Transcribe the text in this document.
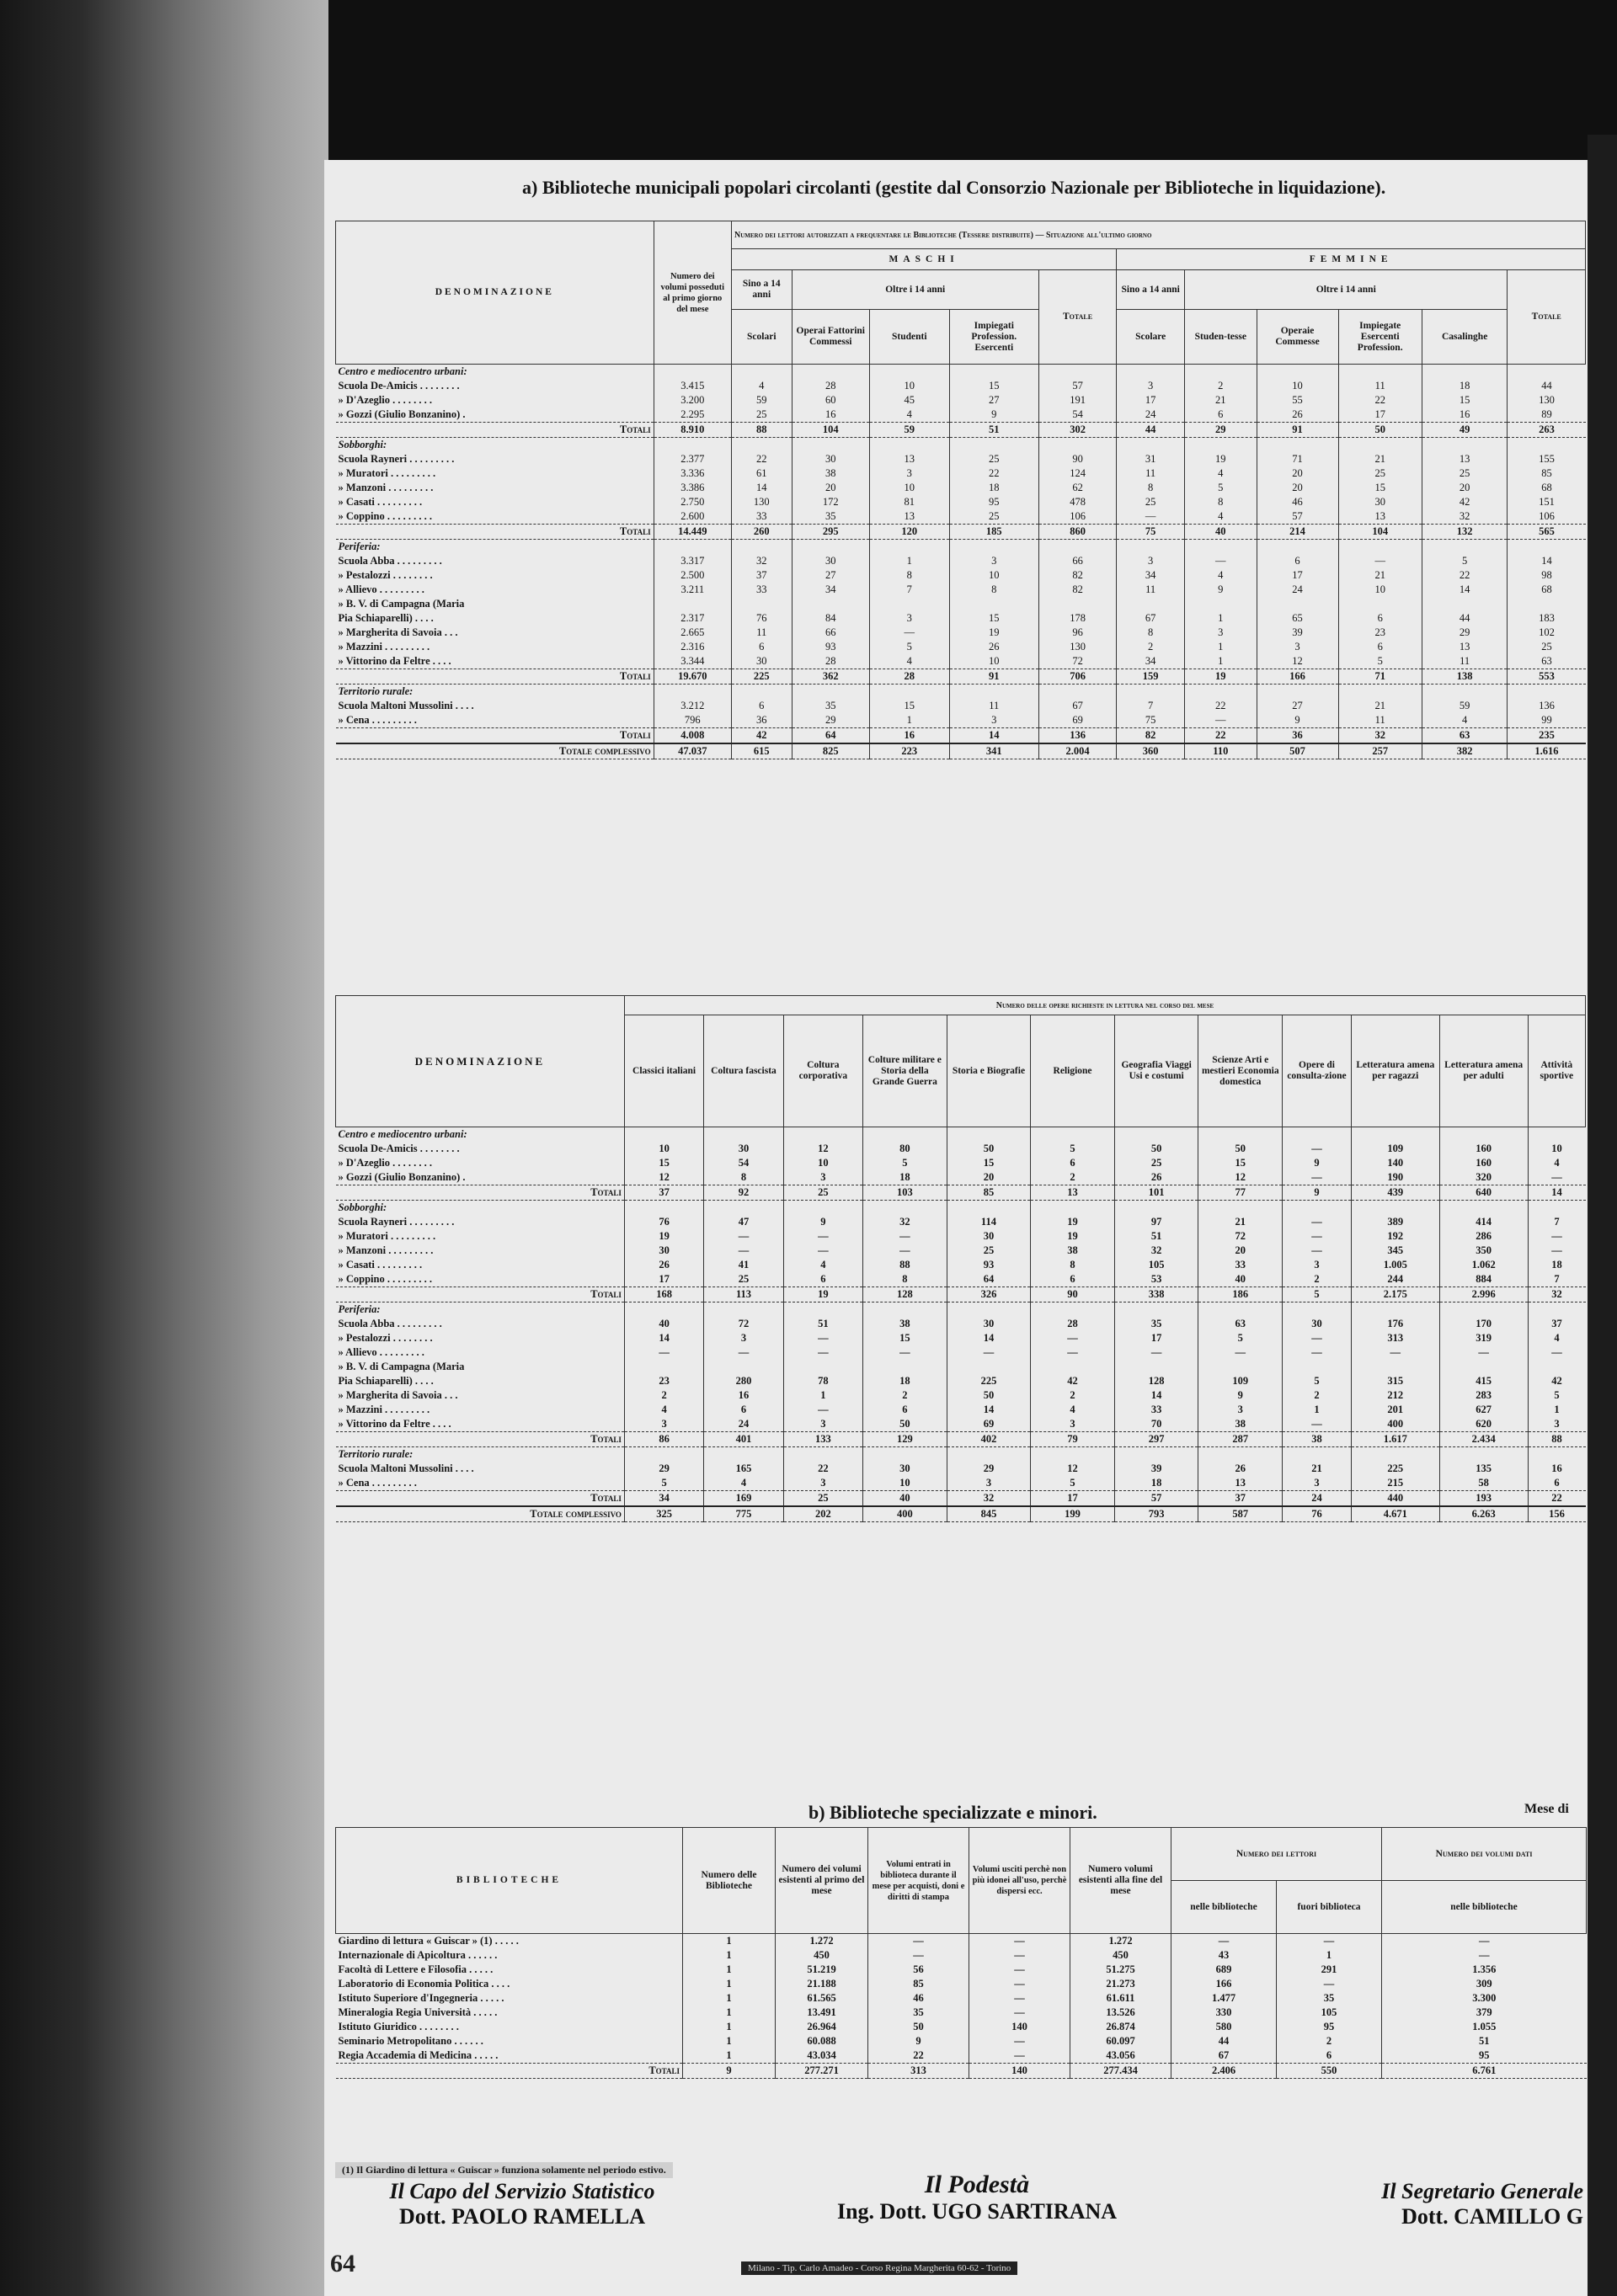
a) Biblioteche municipali popolari circolanti (gestite dal Consorzio Nazionale per Biblioteche in liquidazione).
DENOMINAZIONE	Numero dei volumi posseduti al primo giorno del mese	Numero dei lettori autorizzati a frequentare le Biblioteche (Tessere distribuite) — Situazione all'ultimo giorno										
		MASCHI					FEMMINE					
		Sino a 14 anni	Oltre i 14 anni			Totale	Sino a 14 anni	Oltre i 14 anni				Totale
		Scolari	Operai Fattorini Commessi	Studenti	Impiegati Profession. Esercenti		Scolare	Studen-tesse	Operaie Commesse	Impiegate Esercenti Profession.	Casalinghe	
Centro e mediocentro urbani:												
Scuola De-Amicis . . . . . . . .	3.415	4	28	10	15	57	3	2	10	11	18	44
» D'Azeglio . . . . . . . .	3.200	59	60	45	27	191	17	21	55	22	15	130
» Gozzi (Giulio Bonzanino) .	2.295	25	16	4	9	54	24	6	26	17	16	89
Totali	8.910	88	104	59	51	302	44	29	91	50	49	263
Sobborghi:												
Scuola Rayneri . . . . . . . . .	2.377	22	30	13	25	90	31	19	71	21	13	155
» Muratori . . . . . . . . .	3.336	61	38	3	22	124	11	4	20	25	25	85
» Manzoni . . . . . . . . .	3.386	14	20	10	18	62	8	5	20	15	20	68
» Casati . . . . . . . . .	2.750	130	172	81	95	478	25	8	46	30	42	151
» Coppino . . . . . . . . .	2.600	33	35	13	25	106	—	4	57	13	32	106
Totali	14.449	260	295	120	185	860	75	40	214	104	132	565
Periferia:												
Scuola Abba . . . . . . . . .	3.317	32	30	1	3	66	3	—	6	—	5	14
» Pestalozzi . . . . . . . .	2.500	37	27	8	10	82	34	4	17	21	22	98
» Allievo . . . . . . . . .	3.211	33	34	7	8	82	11	9	24	10	14	68
» B. V. di Campagna (Maria												
Pia Schiaparelli) . . . .	2.317	76	84	3	15	178	67	1	65	6	44	183
» Margherita di Savoia . . .	2.665	11	66	—	19	96	8	3	39	23	29	102
» Mazzini . . . . . . . . .	2.316	6	93	5	26	130	2	1	3	6	13	25
» Vittorino da Feltre . . . .	3.344	30	28	4	10	72	34	1	12	5	11	63
Totali	19.670	225	362	28	91	706	159	19	166	71	138	553
Territorio rurale:												
Scuola Maltoni Mussolini . . . .	3.212	6	35	15	11	67	7	22	27	21	59	136
» Cena . . . . . . . . .	796	36	29	1	3	69	75	—	9	11	4	99
Totali	4.008	42	64	16	14	136	82	22	36	32	63	235
Totale complessivo	47.037	615	825	223	341	2.004	360	110	507	257	382	1.616
DENOMINAZIONE	Numero delle opere richieste in lettura nel corso del mese											
	Classici italiani	Coltura fascista	Coltura corporativa	Colture militare e Storia della Grande Guerra	Storia e Biografie	Religione	Geografia Viaggi Usi e costumi	Scienze Arti e mestieri Economia domestica	Opere di consulta-zione	Letteratura amena per ragazzi	Letteratura amena per adulti	Attività sportive
Centro e mediocentro urbani:												
Scuola De-Amicis . . . . . . . .	10	30	12	80	50	5	50	50	—	109	160	10
» D'Azeglio . . . . . . . .	15	54	10	5	15	6	25	15	9	140	160	4
» Gozzi (Giulio Bonzanino) .	12	8	3	18	20	2	26	12	—	190	320	—
Totali	37	92	25	103	85	13	101	77	9	439	640	14
Sobborghi:												
Scuola Rayneri . . . . . . . . .	76	47	9	32	114	19	97	21	—	389	414	7
» Muratori . . . . . . . . .	19	—	—	—	30	19	51	72	—	192	286	—
» Manzoni . . . . . . . . .	30	—	—	—	25	38	32	20	—	345	350	—
» Casati . . . . . . . . .	26	41	4	88	93	8	105	33	3	1.005	1.062	18
» Coppino . . . . . . . . .	17	25	6	8	64	6	53	40	2	244	884	7
Totali	168	113	19	128	326	90	338	186	5	2.175	2.996	32
Periferia:												
Scuola Abba . . . . . . . . .	40	72	51	38	30	28	35	63	30	176	170	37
» Pestalozzi . . . . . . . .	14	3	—	15	14	—	17	5	—	313	319	4
» Allievo . . . . . . . . .	—	—	—	—	—	—	—	—	—	—	—	—
» B. V. di Campagna (Maria												
Pia Schiaparelli) . . . .	23	280	78	18	225	42	128	109	5	315	415	42
» Margherita di Savoia . . .	2	16	1	2	50	2	14	9	2	212	283	5
» Mazzini . . . . . . . . .	4	6	—	6	14	4	33	3	1	201	627	1
» Vittorino da Feltre . . . .	3	24	3	50	69	3	70	38	—	400	620	3
Totali	86	401	133	129	402	79	297	287	38	1.617	2.434	88
Territorio rurale:												
Scuola Maltoni Mussolini . . . .	29	165	22	30	29	12	39	26	21	225	135	16
» Cena . . . . . . . . .	5	4	3	10	3	5	18	13	3	215	58	6
Totali	34	169	25	40	32	17	57	37	24	440	193	22
Totale complessivo	325	775	202	400	845	199	793	587	76	4.671	6.263	156
b) Biblioteche specializzate e minori.	Mese di
BIBLIOTECHE	Numero delle Biblioteche	Numero dei volumi esistenti al primo del mese	Volumi entrati in biblioteca durante il mese per acquisti, doni e diritti di stampa	Volumi usciti perchè non più idonei all'uso, perchè dispersi ecc.	Numero volumi esistenti alla fine del mese	Numero dei lettori		Numero dei volumi dati
						nelle biblioteche	fuori biblioteca	nelle biblioteche
Giardino di lettura « Guiscar » (1) . . . . .	1	1.272	—	—	1.272	—	—	—
Internazionale di Apicoltura . . . . . .	1	450	—	—	450	43	1	—
Facoltà di Lettere e Filosofia . . . . .	1	51.219	56	—	51.275	689	291	1.356
Laboratorio di Economia Politica . . . .	1	21.188	85	—	21.273	166	—	309
Istituto Superiore d'Ingegneria . . . . .	1	61.565	46	—	61.611	1.477	35	3.300
Mineralogia Regia Università . . . . .	1	13.491	35	—	13.526	330	105	379
Istituto Giuridico . . . . . . . .	1	26.964	50	140	26.874	580	95	1.055
Seminario Metropolitano . . . . . .	1	60.088	9	—	60.097	44	2	51
Regia Accademia di Medicina . . . . .	1	43.034	22	—	43.056	67	6	95
Totali	9	277.271	313	140	277.434	2.406	550	6.761
(1) Il Giardino di lettura « Guiscar » funziona solamente nel periodo estivo.
Il Capo del Servizio Statistico
Dott. PAOLO RAMELLA
Il Podestà
Ing. Dott. UGO SARTIRANA
Il Segretario Generale
Dott. CAMILLO G
64	Milano - Tip. Carlo Amadeo - Corso Regina Margherita 60-62 - Torino
